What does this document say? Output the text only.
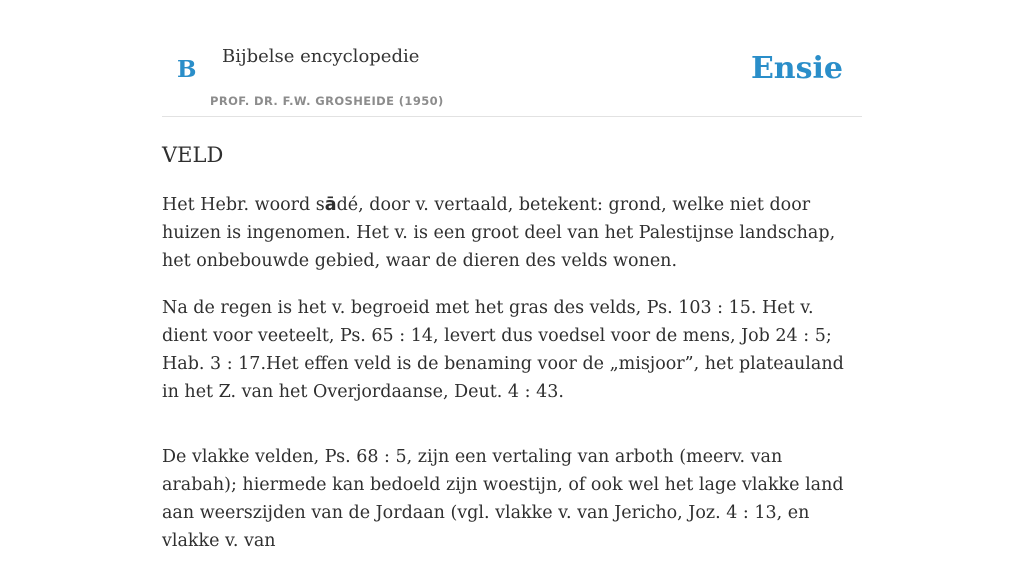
B Bijbelse encyclopedie
PROF. DR. F.W. GROSHEIDE (1950)
Ensie
VELD

Het Hebr. woord sādé, door v. vertaald, betekent: grond, welke niet door huizen is ingenomen. Het v. is een groot deel van het Palestijnse landschap, het onbebouwde gebied, waar de dieren des velds wonen.

Na de regen is het v. begroeid met het gras des velds, Ps. 103 : 15. Het v. dient voor veeteelt, Ps. 65 : 14, levert dus voedsel voor de mens, Job 24 : 5; Hab. 3 : 17.Het effen veld is de benaming voor de „misjoor”, het plateauland in het Z. van het Overjordaanse, Deut. 4 : 43.

De vlakke velden, Ps. 68 : 5, zijn een vertaling van arboth (meerv. van arabah); hiermede kan bedoeld zijn woestijn, of ook wel het lage vlakke land aan weerszijden van de Jordaan (vgl. vlakke v. van Jericho, Joz. 4 : 13, en vlakke v. van
